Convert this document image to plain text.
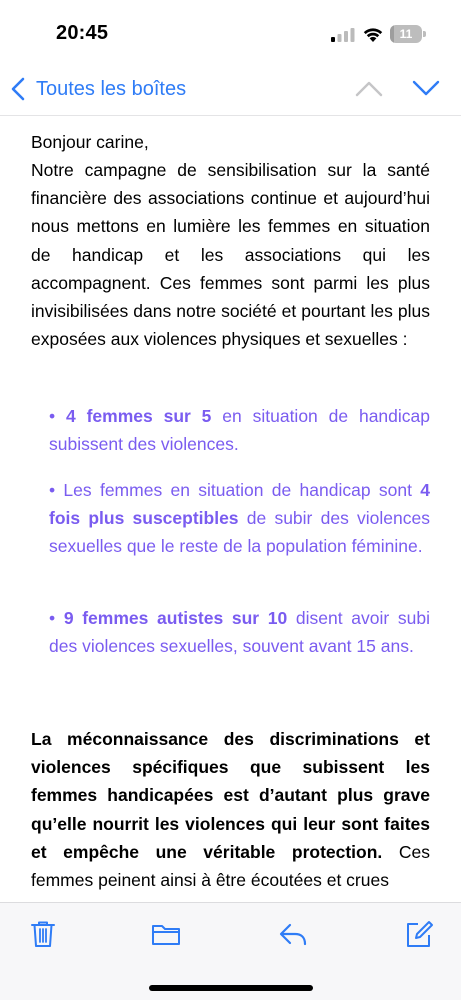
20:45	11
Toutes les boîtes
Bonjour carine,
Notre campagne de sensibilisation sur la santé financière des associations continue et aujourd’hui nous mettons en lumière les femmes en situation de handicap et les associations qui les accompagnent. Ces femmes sont parmi les plus invisibilisées dans notre société et pourtant les plus exposées aux violences physiques et sexuelles :
• 4 femmes sur 5 en situation de handicap subissent des violences.
• Les femmes en situation de handicap sont 4 fois plus susceptibles de subir des violences sexuelles que le reste de la population féminine.
• 9 femmes autistes sur 10 disent avoir subi des violences sexuelles, souvent avant 15 ans.
La méconnaissance des discriminations et violences spécifiques que subissent les femmes handicapées est d’autant plus grave qu’elle nourrit les violences qui leur sont faites et empêche une véritable protection. Ces femmes peinent ainsi à être écoutées et crues
